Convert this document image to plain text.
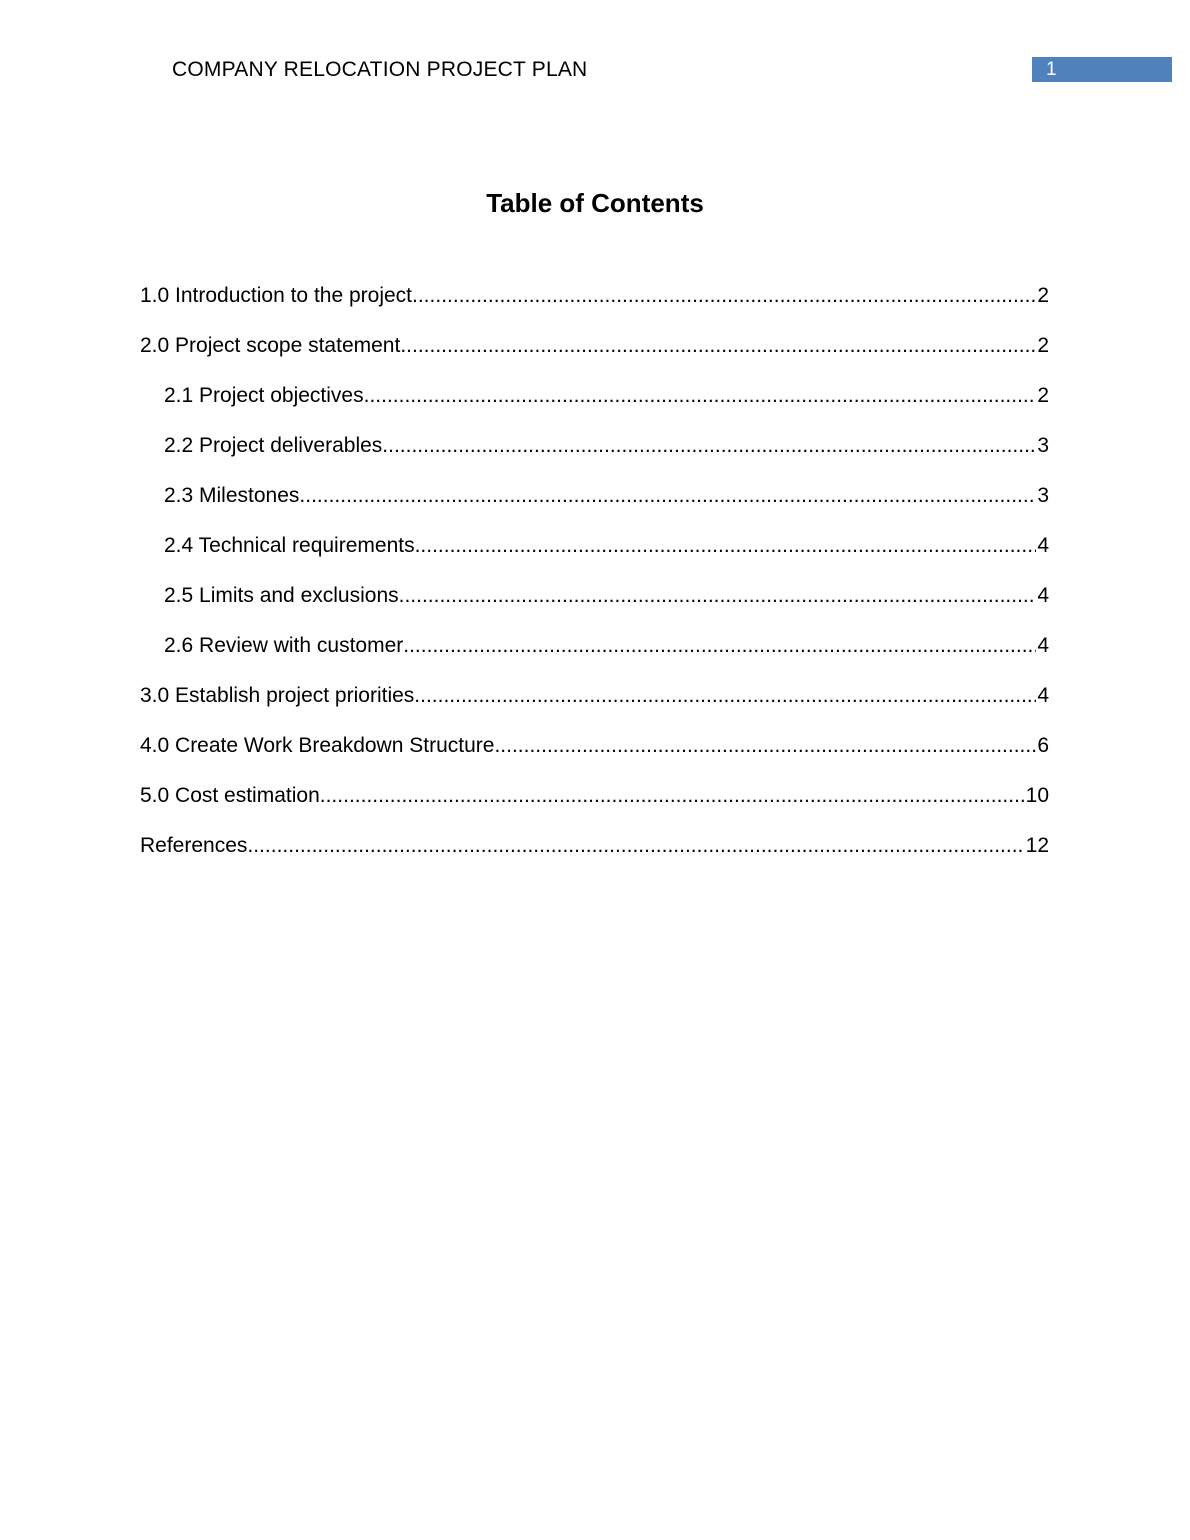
COMPANY RELOCATION PROJECT PLAN	1
Table of Contents
1.0 Introduction to the project .....	2
2.0 Project scope statement .....	2
2.1 Project objectives .....	2
2.2 Project deliverables .....	3
2.3 Milestones .....	3
2.4 Technical requirements .....	4
2.5 Limits and exclusions .....	4
2.6 Review with customer .....	4
3.0 Establish project priorities .....	4
4.0 Create Work Breakdown Structure .....	6
5.0 Cost estimation .....	10
References .....	12
